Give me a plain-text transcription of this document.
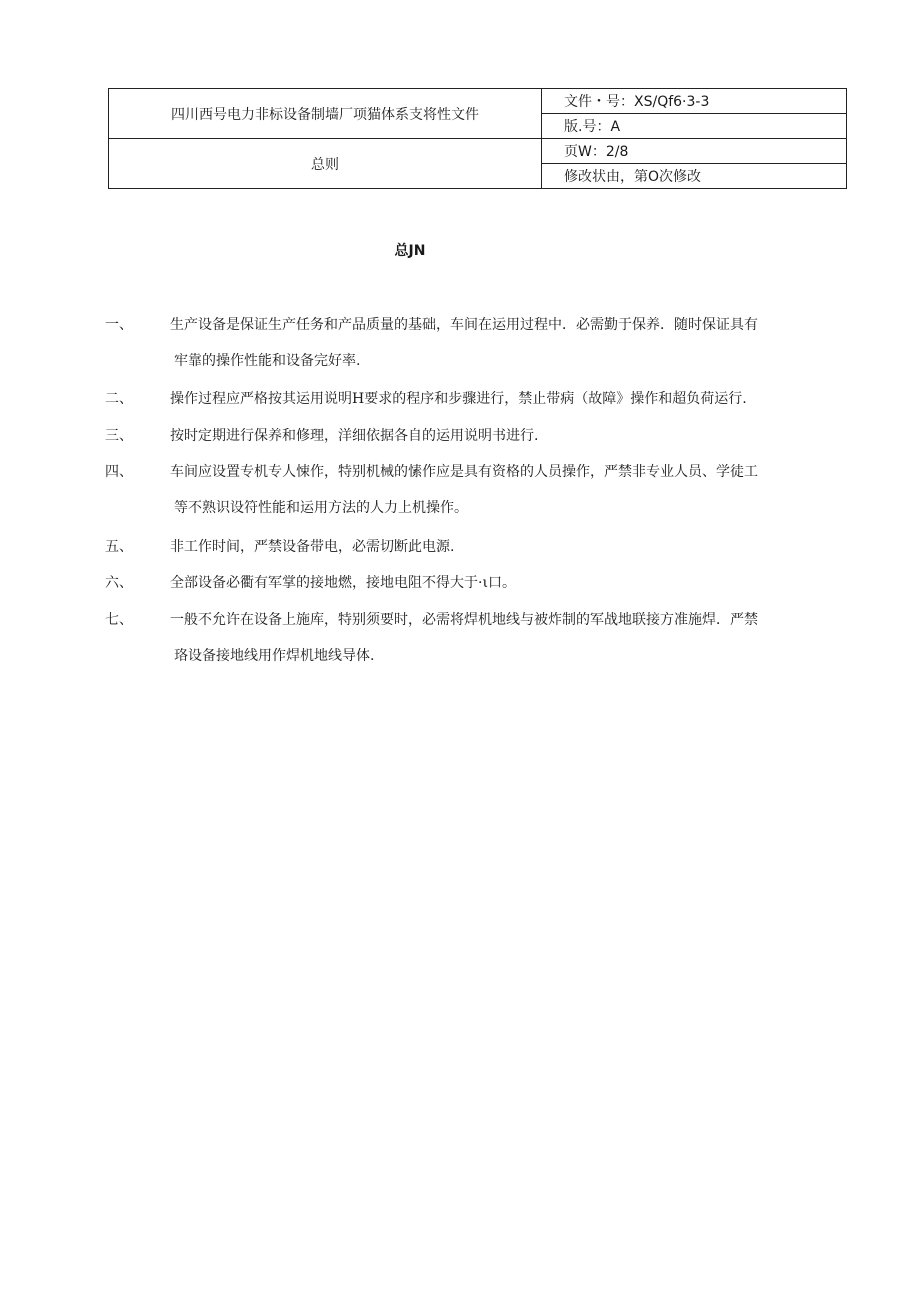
四川西号电力非标设备制墙厂项猫体系支将性文件	文件・号：XS/Qf6·3-3
	版.号：A
总则	页W：2/8
	修改状由，第O次修改
总JN
一、	生产设备是保证生产任务和产品质量的基础，车间在运用过程中．必需勤于保养．随时保证具有
牢靠的操作性能和设备完好率.
二、	操作过程应严格按其运用说明H要求的程序和步骤进行，禁止带病（故障》操作和超负荷运行.
三、	按时定期进行保养和修理，洋细依据各自的运用说明书进行.
四、	车间应设置专机专人悚作，特别机械的愫作应是具有资格的人员操作，严禁非专业人员、学徒工
等不熟识设符性能和运用方法的人力上机操作。
五、	非工作时间，严禁设备带电，必需切断此电源.
六、	全部设备必衢有军掌的接地燃，接地电阻不得大于·ι口。
七、	一般不允许在设备上施库，特别须要时，必需将焊机地线与被炸制的军战地联接方准施焊．严禁
珞设备接地线用作焊机地线导体.
